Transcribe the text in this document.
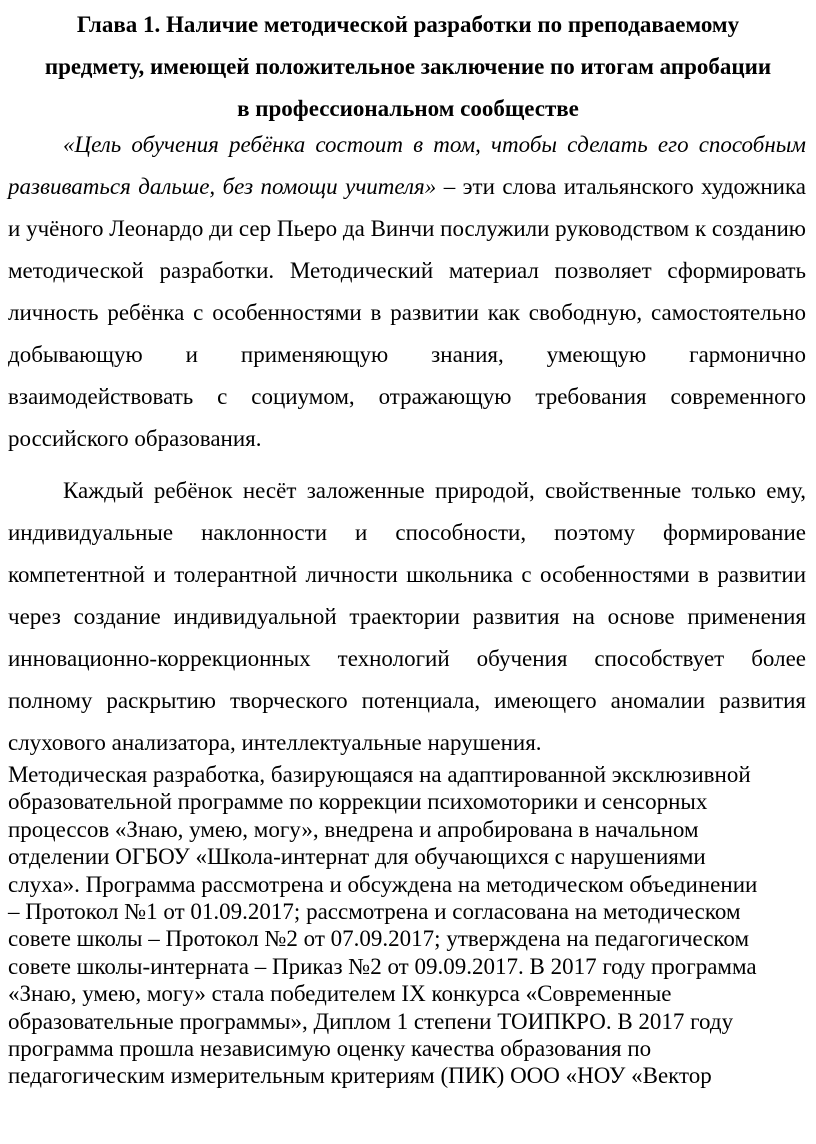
Глава 1. Наличие методической разработки по преподаваемому предмету, имеющей положительное заключение по итогам апробации в профессиональном сообществе

«Цель обучения ребёнка состоит в том, чтобы сделать его способным развиваться дальше, без помощи учителя» – эти слова итальянского художника и учёного Леонардо ди сер Пьеро да Винчи послужили руководством к созданию методической разработки. Методический материал позволяет сформировать личность ребёнка с особенностями в развитии как свободную, самостоятельно добывающую и применяющую знания, умеющую гармонично взаимодействовать с социумом, отражающую требования современного российского образования.

Каждый ребёнок несёт заложенные природой, свойственные только ему, индивидуальные наклонности и способности, поэтому формирование компетентной и толерантной личности школьника с особенностями в развитии через создание индивидуальной траектории развития на основе применения инновационно-коррекционных технологий обучения способствует более полному раскрытию творческого потенциала, имеющего аномалии развития слухового анализатора, интеллектуальные нарушения.

Методическая разработка, базирующаяся на адаптированной эксклюзивной
образовательной программе по коррекции психомоторики и сенсорных
процессов «Знаю, умею, могу», внедрена и апробирована в начальном
отделении ОГБОУ «Школа-интернат для обучающихся с нарушениями
слуха». Программа рассмотрена и обсуждена на методическом объединении
– Протокол №1 от 01.09.2017; рассмотрена и согласована на методическом
совете школы – Протокол №2 от 07.09.2017; утверждена на педагогическом
совете школы-интерната – Приказ №2 от 09.09.2017. В 2017 году программа
«Знаю, умею, могу» стала победителем IX конкурса «Современные
образовательные программы», Диплом 1 степени ТОИПКРО. В 2017 году
программа прошла независимую оценку качества образования по
педагогическим измерительным критериям (ПИК) ООО «НОУ «Вектор
